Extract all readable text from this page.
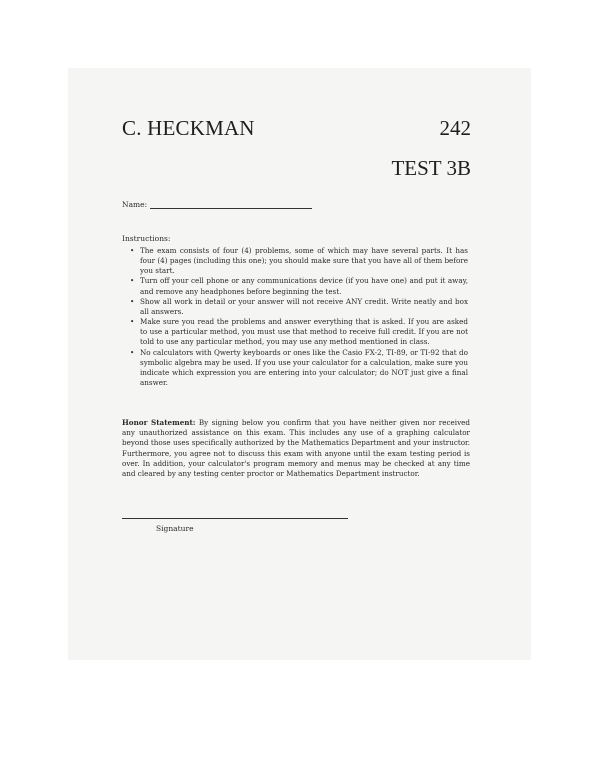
C. HECKMAN	242
TEST 3B
Name:
Instructions:
• The exam consists of four (4) problems, some of which may have several parts. It has four (4) pages (including this one); you should make sure that you have all of them before you start.
• Turn off your cell phone or any communications device (if you have one) and put it away, and remove any headphones before beginning the test.
• Show all work in detail or your answer will not receive ANY credit. Write neatly and box all answers.
• Make sure you read the problems and answer everything that is asked. If you are asked to use a particular method, you must use that method to receive full credit. If you are not told to use any particular method, you may use any method mentioned in class.
• No calculators with Qwerty keyboards or ones like the Casio FX-2, TI-89, or TI-92 that do symbolic algebra may be used. If you use your calculator for a calculation, make sure you indicate which expression you are entering into your calculator; do NOT just give a final answer.

Honor Statement: By signing below you confirm that you have neither given nor received any unauthorized assistance on this exam. This includes any use of a graphing calculator beyond those uses specifically authorized by the Mathematics Department and your instructor. Furthermore, you agree not to discuss this exam with anyone until the exam testing period is over. In addition, your calculator's program memory and menus may be checked at any time and cleared by any testing center proctor or Mathematics Department instructor.

Signature
